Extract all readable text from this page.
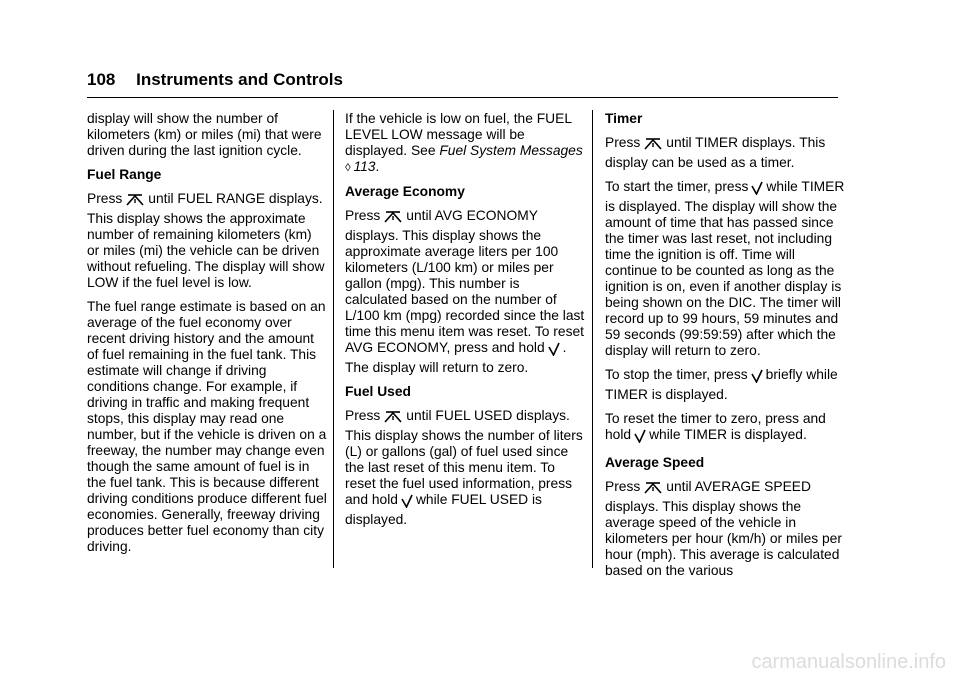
108 Instruments and Controls

display will show the number of kilometers (km) or miles (mi) that were driven during the last ignition cycle.

Fuel Range

Press until FUEL RANGE displays. This display shows the approximate number of remaining kilometers (km) or miles (mi) the vehicle can be driven without refueling. The display will show LOW if the fuel level is low.

The fuel range estimate is based on an average of the fuel economy over recent driving history and the amount of fuel remaining in the fuel tank. This estimate will change if driving conditions change. For example, if driving in traffic and making frequent stops, this display may read one number, but if the vehicle is driven on a freeway, the number may change even though the same amount of fuel is in the fuel tank. This is because different driving conditions produce different fuel economies. Generally, freeway driving produces better fuel economy than city driving.

If the vehicle is low on fuel, the FUEL LEVEL LOW message will be displayed. See Fuel System Messages ◊ 113.

Average Economy

Press until AVG ECONOMY displays. This display shows the approximate average liters per 100 kilometers (L/100 km) or miles per gallon (mpg). This number is calculated based on the number of L/100 km (mpg) recorded since the last time this menu item was reset. To reset AVG ECONOMY, press and hold . The display will return to zero.

Fuel Used

Press until FUEL USED displays. This display shows the number of liters (L) or gallons (gal) of fuel used since the last reset of this menu item. To reset the fuel used information, press and hold while FUEL USED is displayed.

Timer

Press until TIMER displays. This display can be used as a timer.

To start the timer, press while TIMER is displayed. The display will show the amount of time that has passed since the timer was last reset, not including time the ignition is off. Time will continue to be counted as long as the ignition is on, even if another display is being shown on the DIC. The timer will record up to 99 hours, 59 minutes and 59 seconds (99:59:59) after which the display will return to zero.

To stop the timer, press briefly while TIMER is displayed.

To reset the timer to zero, press and hold while TIMER is displayed.

Average Speed

Press until AVERAGE SPEED displays. This display shows the average speed of the vehicle in kilometers per hour (km/h) or miles per hour (mph). This average is calculated based on the various

carmanualsonline.info
